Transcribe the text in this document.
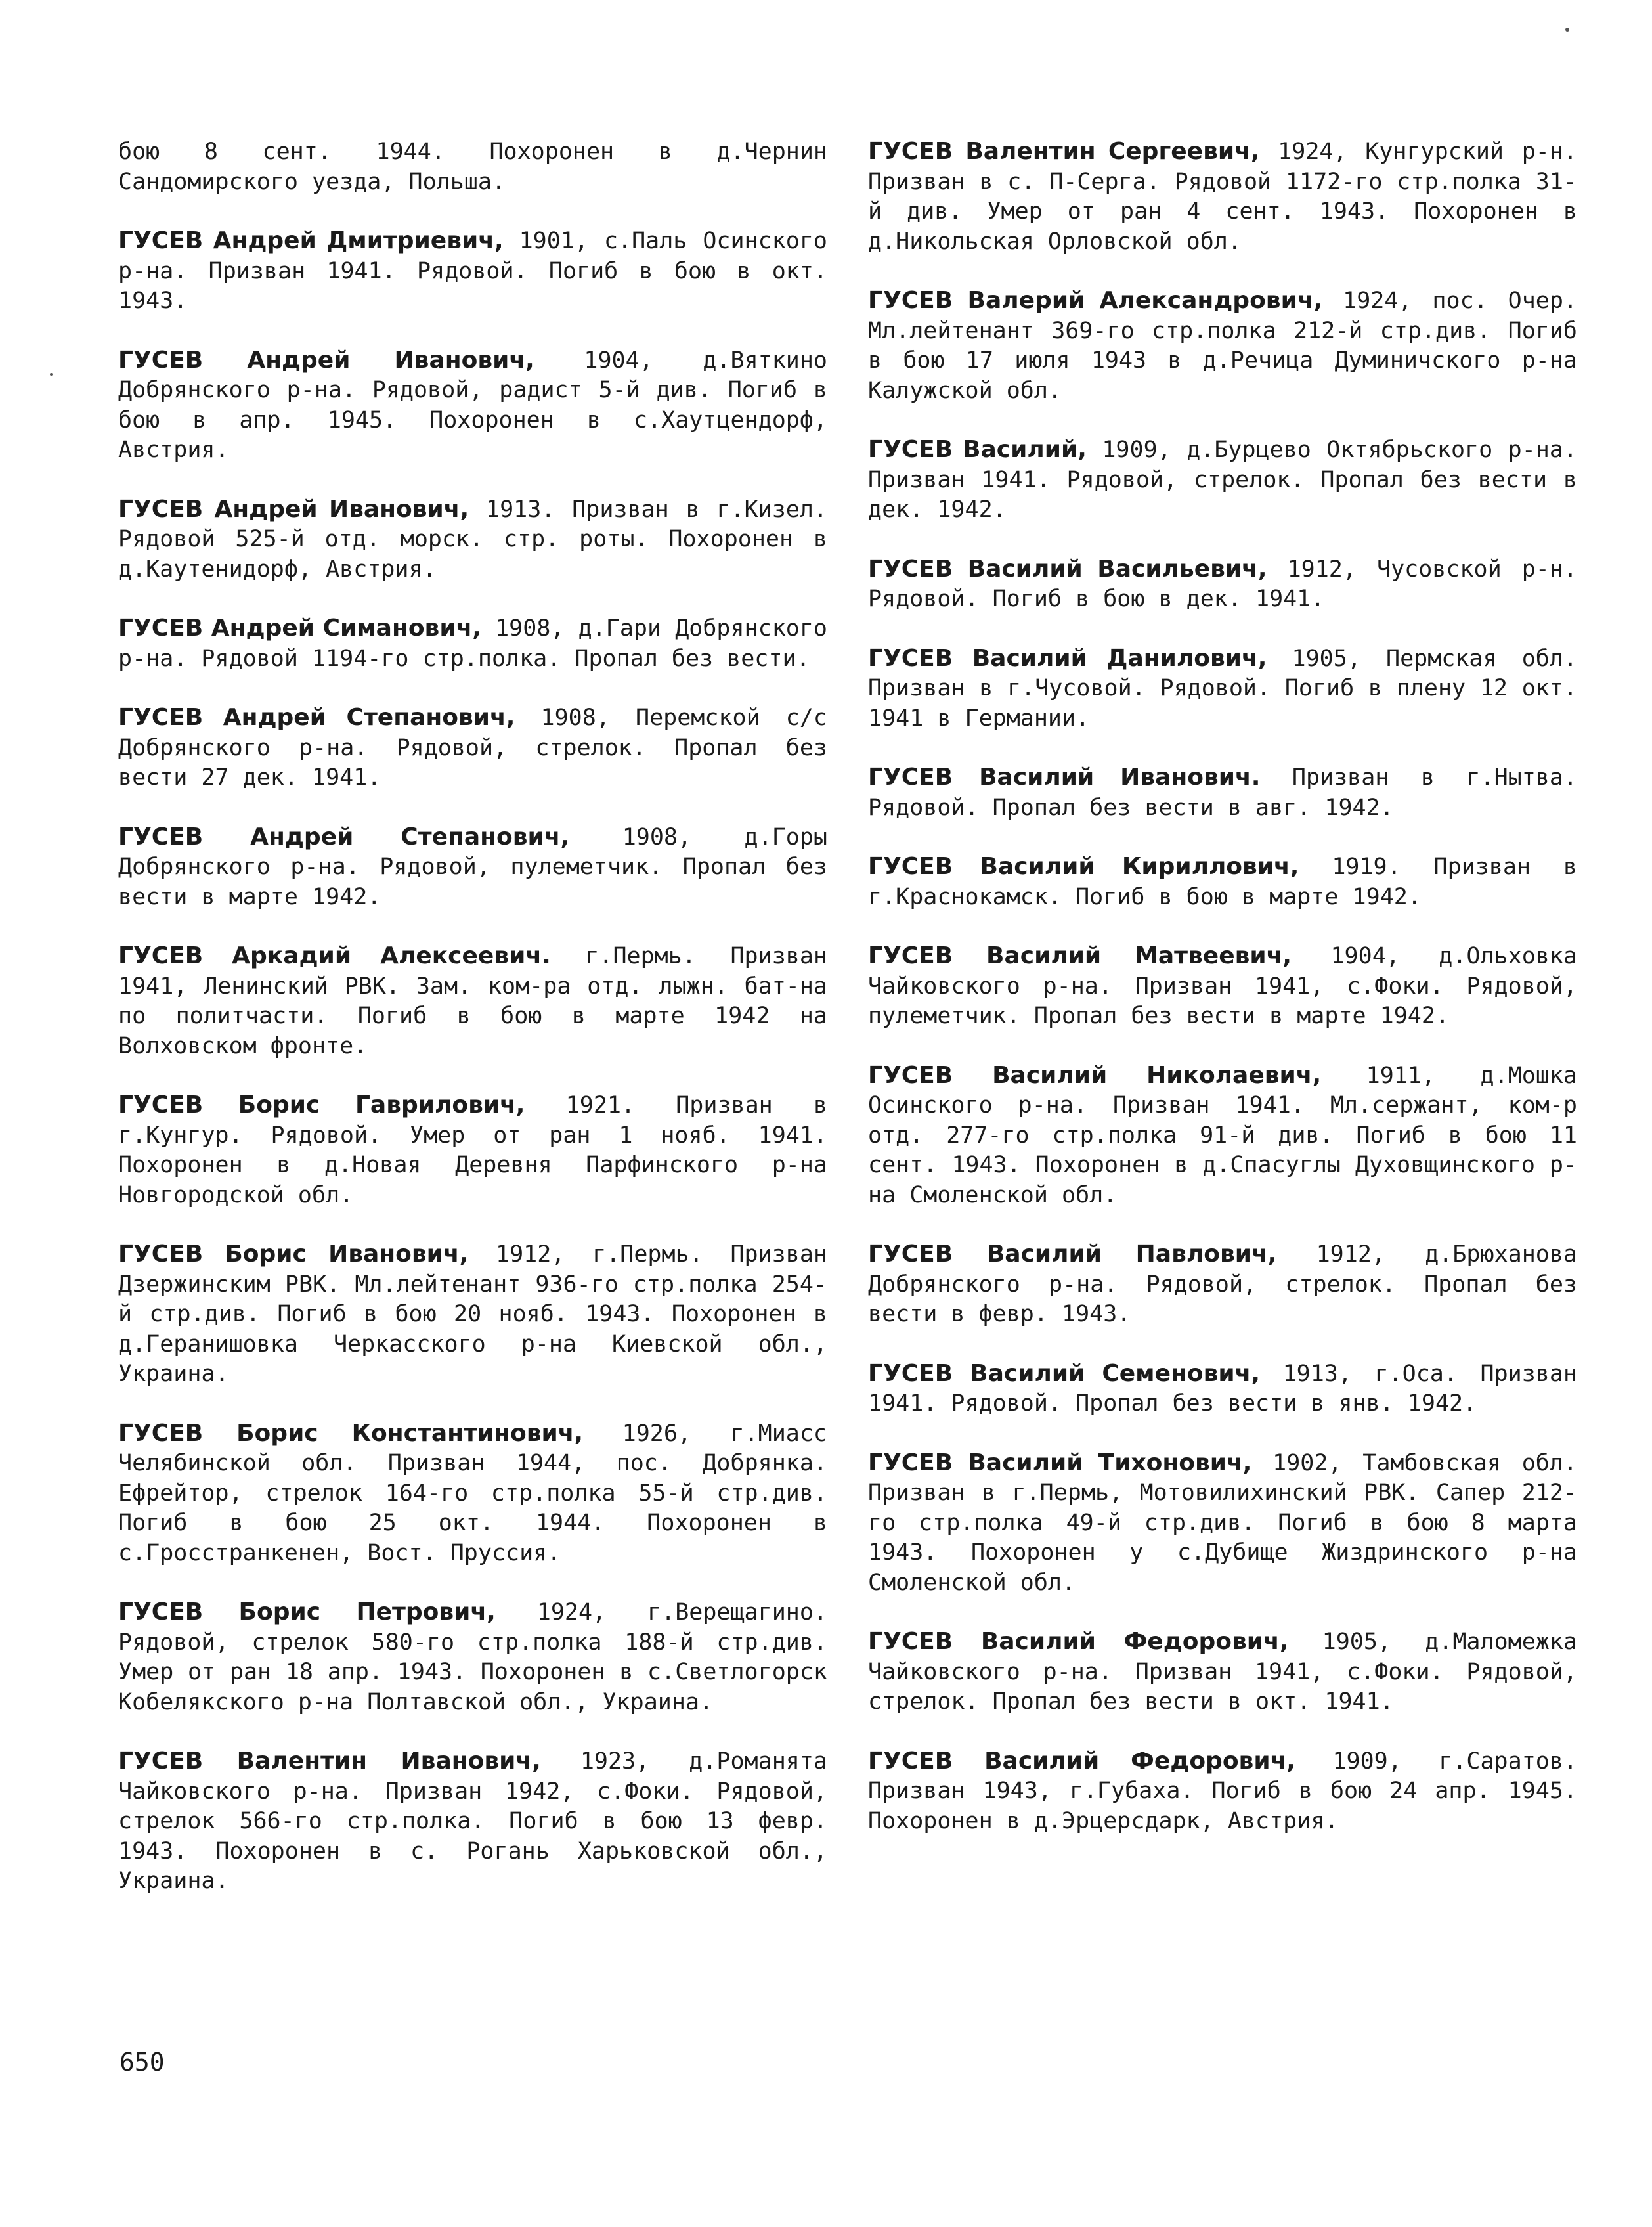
бою 8 сент. 1944. Похоронен в д.Чернин Сандомирского уезда, Польша.

ГУСЕВ Андрей Дмитриевич, 1901, с.Паль Осинского р-на. Призван 1941. Рядовой. Погиб в бою в окт. 1943.

ГУСЕВ Андрей Иванович, 1904, д.Вяткино Добрянского р-на. Рядовой, радист 5-й див. Погиб в бою в апр. 1945. Похоронен в с.Хаутцендорф, Австрия.

ГУСЕВ Андрей Иванович, 1913. Призван в г.Кизел. Рядовой 525-й отд. морск. стр. роты. Похоронен в д.Каутенидорф, Австрия.

ГУСЕВ Андрей Симанович, 1908, д.Гари Добрянского р-на. Рядовой 1194-го стр.полка. Пропал без вести.

ГУСЕВ Андрей Степанович, 1908, Перемской с/с Добрянского р-на. Рядовой, стрелок. Пропал без вести 27 дек. 1941.

ГУСЕВ Андрей Степанович, 1908, д.Горы Добрянского р-на. Рядовой, пулеметчик. Пропал без вести в марте 1942.

ГУСЕВ Аркадий Алексеевич. г.Пермь. Призван 1941, Ленинский РВК. Зам. ком-ра отд. лыжн. бат-на по политчасти. Погиб в бою в марте 1942 на Волховском фронте.

ГУСЕВ Борис Гаврилович, 1921. Призван в г.Кунгур. Рядовой. Умер от ран 1 нояб. 1941. Похоронен в д.Новая Деревня Парфинского р-на Новгородской обл.

ГУСЕВ Борис Иванович, 1912, г.Пермь. Призван Дзержинским РВК. Мл.лейтенант 936-го стр.полка 254-й стр.див. Погиб в бою 20 нояб. 1943. Похоронен в д.Геранишовка Черкасского р-на Киевской обл., Украина.

ГУСЕВ Борис Константинович, 1926, г.Миасс Челябинской обл. Призван 1944, пос. Добрянка. Ефрейтор, стрелок 164-го стр.полка 55-й стр.див. Погиб в бою 25 окт. 1944. Похоронен в с.Гросстранкенен, Вост. Пруссия.

ГУСЕВ Борис Петрович, 1924, г.Верещагино. Рядовой, стрелок 580-го стр.полка 188-й стр.див. Умер от ран 18 апр. 1943. Похоронен в с.Светлогорск Кобелякского р-на Полтавской обл., Украина.

ГУСЕВ Валентин Иванович, 1923, д.Романята Чайковского р-на. Призван 1942, с.Фоки. Рядовой, стрелок 566-го стр.полка. Погиб в бою 13 февр. 1943. Похоронен в с. Рогань Харьковской обл., Украина.

ГУСЕВ Валентин Сергеевич, 1924, Кунгурский р-н. Призван в с. П-Серга. Рядовой 1172-го стр.полка 31-й див. Умер от ран 4 сент. 1943. Похоронен в д.Никольская Орловской обл.

ГУСЕВ Валерий Александрович, 1924, пос. Очер. Мл.лейтенант 369-го стр.полка 212-й стр.див. Погиб в бою 17 июля 1943 в д.Речица Думиничского р-на Калужской обл.

ГУСЕВ Василий, 1909, д.Бурцево Октябрьского р-на. Призван 1941. Рядовой, стрелок. Пропал без вести в дек. 1942.

ГУСЕВ Василий Васильевич, 1912, Чусовской р-н. Рядовой. Погиб в бою в дек. 1941.

ГУСЕВ Василий Данилович, 1905, Пермская обл. Призван в г.Чусовой. Рядовой. Погиб в плену 12 окт. 1941 в Германии.

ГУСЕВ Василий Иванович. Призван в г.Нытва. Рядовой. Пропал без вести в авг. 1942.

ГУСЕВ Василий Кириллович, 1919. Призван в г.Краснокамск. Погиб в бою в марте 1942.

ГУСЕВ Василий Матвеевич, 1904, д.Ольховка Чайковского р-на. Призван 1941, с.Фоки. Рядовой, пулеметчик. Пропал без вести в марте 1942.

ГУСЕВ Василий Николаевич, 1911, д.Мошка Осинского р-на. Призван 1941. Мл.сержант, ком-р отд. 277-го стр.полка 91-й див. Погиб в бою 11 сент. 1943. Похоронен в д.Спасуглы Духовщинского р-на Смоленской обл.

ГУСЕВ Василий Павлович, 1912, д.Брюханова Добрянского р-на. Рядовой, стрелок. Пропал без вести в февр. 1943.

ГУСЕВ Василий Семенович, 1913, г.Оса. Призван 1941. Рядовой. Пропал без вести в янв. 1942.

ГУСЕВ Василий Тихонович, 1902, Тамбовская обл. Призван в г.Пермь, Мотовилихинский РВК. Сапер 212-го стр.полка 49-й стр.див. Погиб в бою 8 марта 1943. Похоронен у с.Дубище Жиздринского р-на Смоленской обл.

ГУСЕВ Василий Федорович, 1905, д.Маломежка Чайковского р-на. Призван 1941, с.Фоки. Рядовой, стрелок. Пропал без вести в окт. 1941.

ГУСЕВ Василий Федорович, 1909, г.Саратов. Призван 1943, г.Губаха. Погиб в бою 24 апр. 1945. Похоронен в д.Эрцерсдарк, Австрия.

650
